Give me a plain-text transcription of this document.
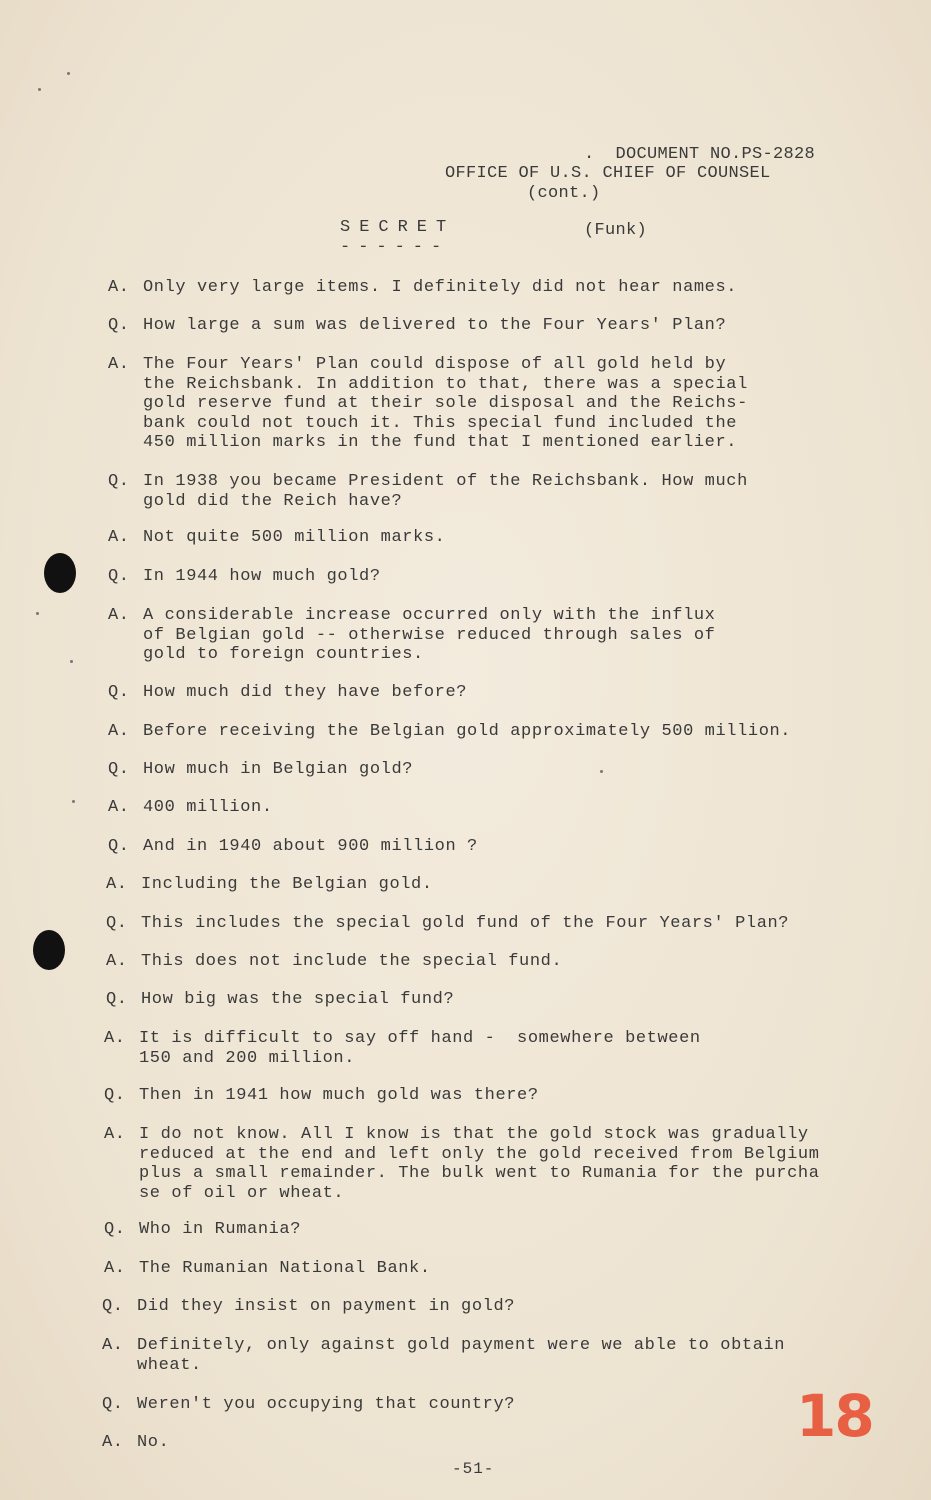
.  DOCUMENT NO.PS-2828
OFFICE OF U.S. CHIEF OF COUNSEL
(cont.)
SECRET
------
(Funk)
A. Only very large items. I definitely did not hear names.
Q. How large a sum was delivered to the Four Years' Plan?
A. The Four Years' Plan could dispose of all gold held by
the Reichsbank. In addition to that, there was a special
gold reserve fund at their sole disposal and the Reichs-
bank could not touch it. This special fund included the
450 million marks in the fund that I mentioned earlier.
Q. In 1938 you became President of the Reichsbank. How much
gold did the Reich have?
A. Not quite 500 million marks.
Q. In 1944 how much gold?
A. A considerable increase occurred only with the influx
of Belgian gold -- otherwise reduced through sales of
gold to foreign countries.
Q. How much did they have before?
A. Before receiving the Belgian gold approximately 500 million.
Q. How much in Belgian gold?
A. 400 million.
Q. And in 1940 about 900 million ?
A. Including the Belgian gold.
Q. This includes the special gold fund of the Four Years' Plan?
A. This does not include the special fund.
Q. How big was the special fund?
A. It is difficult to say off hand -  somewhere between
150 and 200 million.
Q. Then in 1941 how much gold was there?
A. I do not know. All I know is that the gold stock was gradually
reduced at the end and left only the gold received from Belgium
plus a small remainder. The bulk went to Rumania for the purcha
se of oil or wheat.
Q. Who in Rumania?
A. The Rumanian National Bank.
Q. Did they insist on payment in gold?
A. Definitely, only against gold payment were we able to obtain
wheat.
Q. Weren't you occupying that country?
A. No.	18
-51-
